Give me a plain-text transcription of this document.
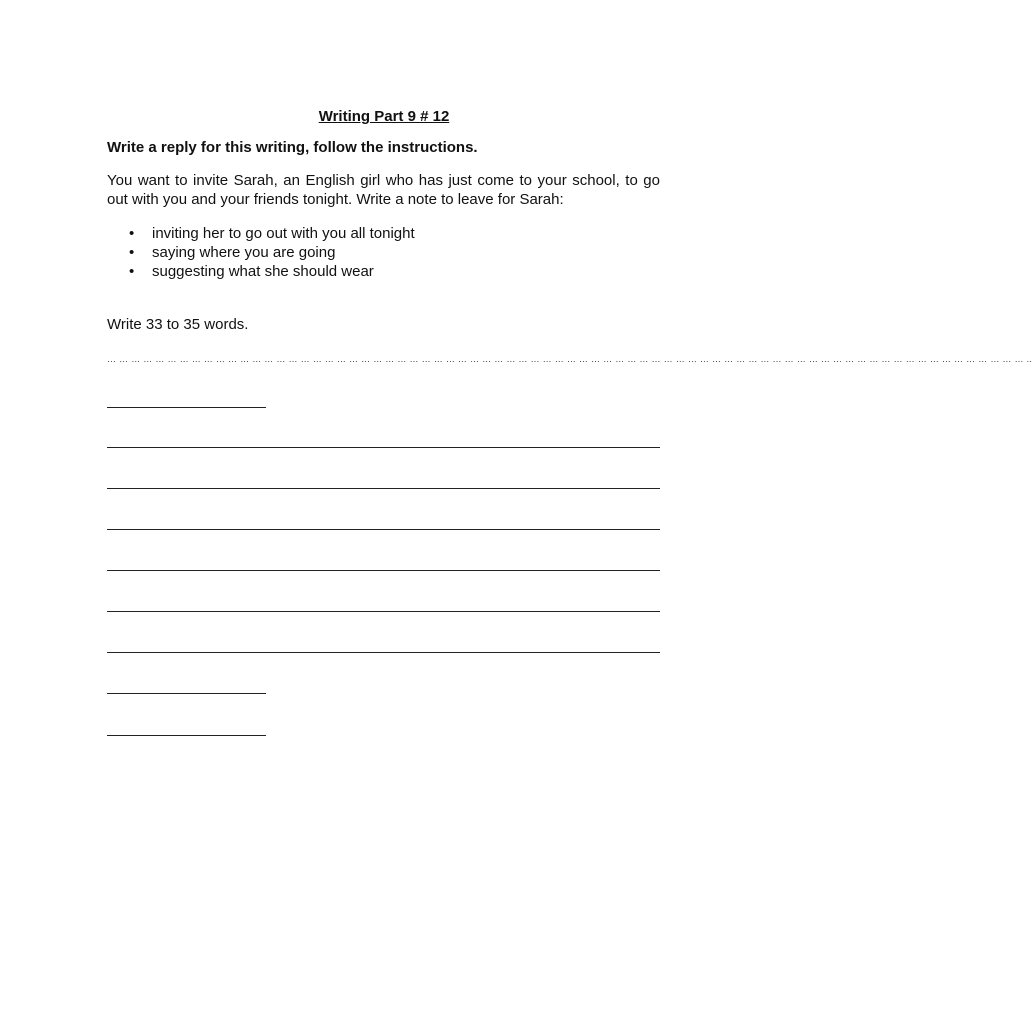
Writing Part 9 # 12
Write a reply for this writing, follow the instructions.

You want to invite Sarah, an English girl who has just come to your school, to go out with you and your friends tonight. Write a note to leave for Sarah:

• inviting her to go out with you all tonight
• saying where you are going
• suggesting what she should wear
Write 33 to 35 words.
… … … … … … … … … … … … … … … … … … … … … … … … … … … … … … … … … … … … … … … … … … … … … … … … … … … … … … … … … … … … … … … … … … … … … … … … … … … … ..
